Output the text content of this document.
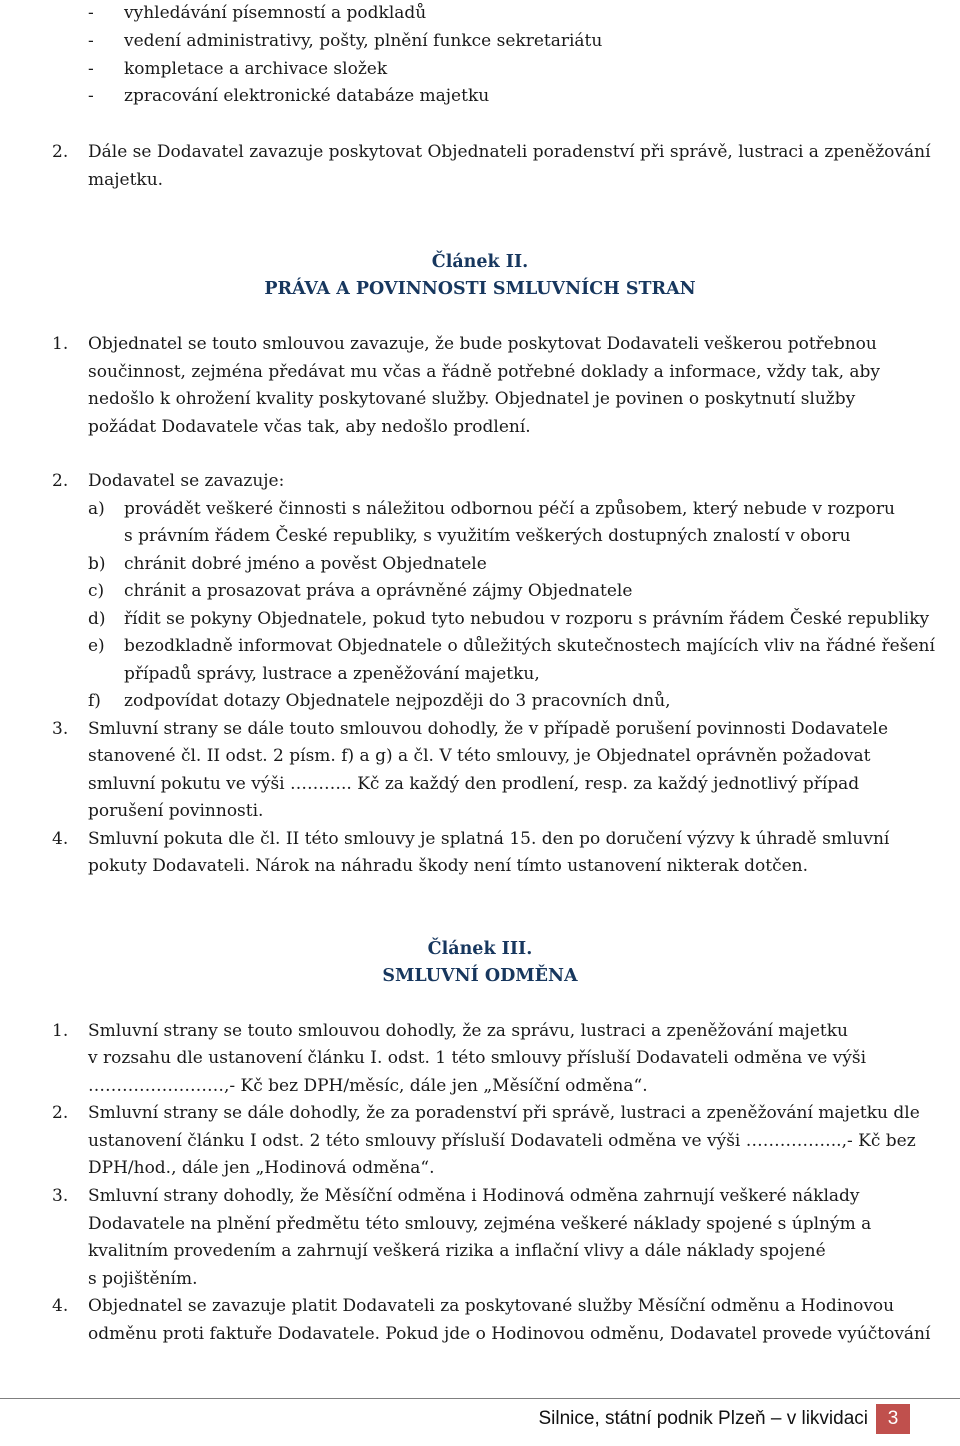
- vyhledávání písemností a podkladů
- vedení administrativy, pošty, plnění funkce sekretariátu
- kompletace a archivace složek
- zpracování elektronické databáze majetku
2. Dále se Dodavatel zavazuje poskytovat Objednateli poradenství při správě, lustraci a zpeněžování
majetku.
Článek II.
PRÁVA A POVINNOSTI SMLUVNÍCH STRAN
1. Objednatel se touto smlouvou zavazuje, že bude poskytovat Dodavateli veškerou potřebnou
součinnost, zejména předávat mu včas a řádně potřebné doklady a informace, vždy tak, aby
nedošlo k ohrožení kvality poskytované služby. Objednatel je povinen o poskytnutí služby
požádat Dodavatele včas tak, aby nedošlo prodlení.
2. Dodavatel se zavazuje:
a) provádět veškeré činnosti s náležitou odbornou péčí a způsobem, který nebude v rozporu
s právním řádem České republiky, s využitím veškerých dostupných znalostí v oboru
b) chránit dobré jméno a pověst Objednatele
c) chránit a prosazovat práva a oprávněné zájmy Objednatele
d) řídit se pokyny Objednatele, pokud tyto nebudou v rozporu s právním řádem České republiky
e) bezodkladně informovat Objednatele o důležitých skutečnostech majících vliv na řádné řešení
případů správy, lustrace a zpeněžování majetku,
f) zodpovídat dotazy Objednatele nejpozději do 3 pracovních dnů,
3. Smluvní strany se dále touto smlouvou dohodly, že v případě porušení povinnosti Dodavatele
stanovené čl. II odst. 2 písm. f) a g) a čl. V této smlouvy, je Objednatel oprávněn požadovat
smluvní pokutu ve výši ……….. Kč za každý den prodlení, resp. za každý jednotlivý případ
porušení povinnosti.
4. Smluvní pokuta dle čl. II této smlouvy je splatná 15. den po doručení výzvy k úhradě smluvní
pokuty Dodavateli. Nárok na náhradu škody není tímto ustanovení nikterak dotčen.
Článek III.
SMLUVNÍ ODMĚNA
1. Smluvní strany se touto smlouvou dohodly, že za správu, lustraci a zpeněžování majetku
v rozsahu dle ustanovení článku I. odst. 1 této smlouvy přísluší Dodavateli odměna ve výši
……………………,- Kč bez DPH/měsíc, dále jen „Měsíční odměna“.
2. Smluvní strany se dále dohodly, že za poradenství při správě, lustraci a zpeněžování majetku dle
ustanovení článku I odst. 2 této smlouvy přísluší Dodavateli odměna ve výši ……………..,- Kč bez
DPH/hod., dále jen „Hodinová odměna“.
3. Smluvní strany dohodly, že Měsíční odměna i Hodinová odměna zahrnují veškeré náklady
Dodavatele na plnění předmětu této smlouvy, zejména veškeré náklady spojené s úplným a
kvalitním provedením a zahrnují veškerá rizika a inflační vlivy a dále náklady spojené
s pojištěním.
4. Objednatel se zavazuje platit Dodavateli za poskytované služby Měsíční odměnu a Hodinovou
odměnu proti faktuře Dodavatele. Pokud jde o Hodinovou odměnu, Dodavatel provede vyúčtování
Silnice, státní podnik Plzeň – v likvidaci	3
